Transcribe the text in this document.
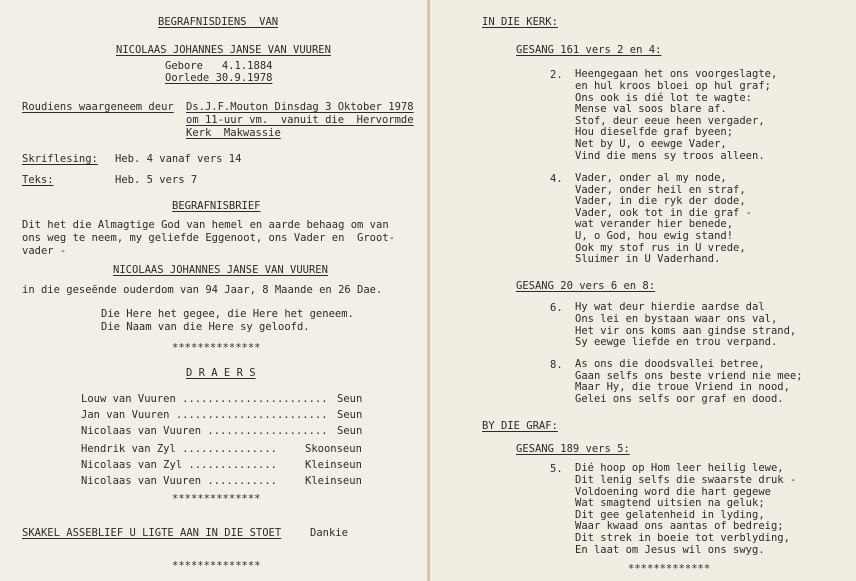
BEGRAFNISDIENS  VAN
NICOLAAS JOHANNES JANSE VAN VUUREN
Gebore   4.1.1884
Oorlede 30.9.1978
Roudiens waargeneem deur Ds.J.F.Mouton Dinsdag 3 Oktober 1978
om 11-uur vm.  vanuit die  Hervormde
Kerk  Makwassie
Skriflesing: Heb. 4 vanaf vers 14
Teks:	Heb. 5 vers 7
BEGRAFNISBRIEF
Dit het die Almagtige God van hemel en aarde behaag om van
ons weg te neem, my geliefde Eggenoot, ons Vader en  Groot-
vader -
NICOLAAS JOHANNES JANSE VAN VUUREN
in die geseënde ouderdom van 94 Jaar, 8 Maande en 26 Dae.
Die Here het gegee, die Here het geneem.
Die Naam van die Here sy geloofd.
**************
D R A E R S
Louw van Vuuren ....................... Seun
Jan van Vuuren ........................ Seun
Nicolaas van Vuuren ................... Seun
Hendrik van Zyl ...............	Skoonseun
Nicolaas van Zyl ..............	Kleinseun
Nicolaas van Vuuren ...........	Kleinseun
**************
SKAKEL ASSEBLIEF U LIGTE AAN IN DIE STOET	Dankie
**************
IN DIE KERK:
GESANG 161 vers 2 en 4:
2. Heengegaan het ons voorgeslagte,
en hul kroos bloei op hul graf;
Ons ook is dié lot te wagte:
Mense val soos blare af.
Stof, deur eeue heen vergader,
Hou dieselfde graf byeen;
Net by U, o eewge Vader,
Vind die mens sy troos alleen.
4. Vader, onder al my node,
Vader, onder heil en straf,
Vader, in die ryk der dode,
Vader, ook tot in die graf -
wat verander hier benede,
U, o God, hou ewig stand!
Ook my stof rus in U vrede,
Sluimer in U Vaderhand.
GESANG 20 vers 6 en 8:
6. Hy wat deur hierdie aardse dal
Ons lei en bystaan waar ons val,
Het vir ons koms aan gindse strand,
Sy eewge liefde en trou verpand.
8. As ons die doodsvallei betree,
Gaan selfs ons beste vriend nie mee;
Maar Hy, die troue Vriend in nood,
Gelei ons selfs oor graf en dood.
BY DIE GRAF:
GESANG 189 vers 5:
5. Dié hoop op Hom leer heilig lewe,
Dit lenig selfs die swaarste druk -
Voldoening word die hart gegewe
Wat smagtend uitsien na geluk;
Dit gee gelatenheid in lyding,
Waar kwaad ons aantas of bedreig;
Dit strek in boeie tot verblyding,
En laat om Jesus wil ons swyg.
*************
